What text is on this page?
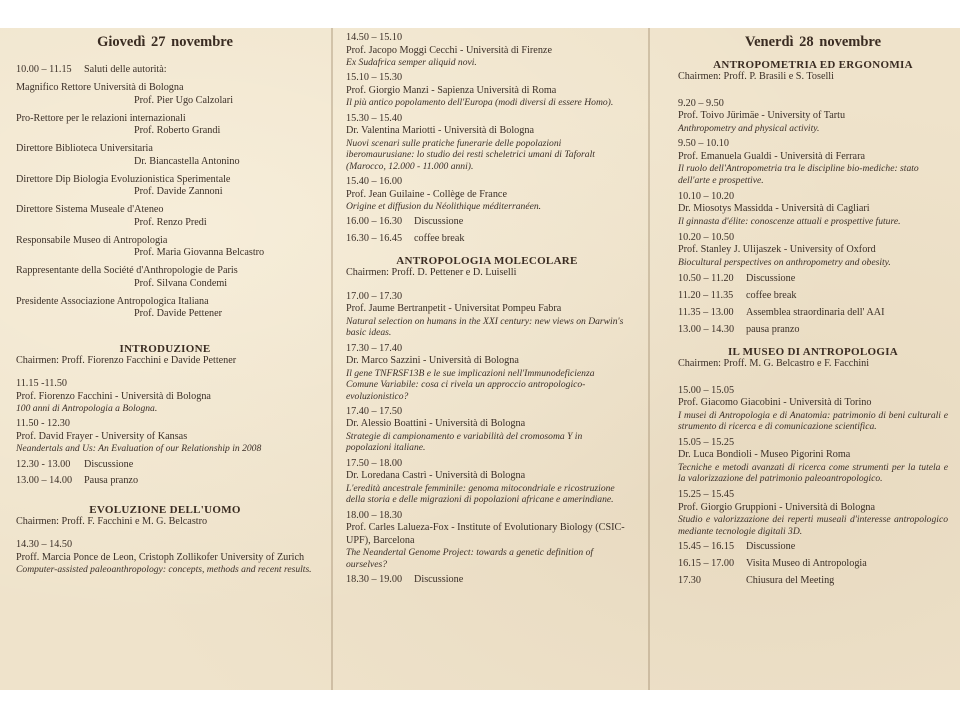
Giovedì 27 novembre
10.00 – 11.15	Saluti delle autorità:
Magnifico Rettore Università di Bologna
Prof. Pier Ugo Calzolari
Pro-Rettore per le relazioni internazionali
Prof. Roberto Grandi
Direttore Biblioteca Universitaria
Dr. Biancastella Antonino
Direttore Dip Biologia Evoluzionistica Sperimentale
Prof. Davide Zannoni
Direttore Sistema Museale d'Ateneo
Prof. Renzo Predi
Responsabile Museo di Antropologia
Prof. Maria Giovanna Belcastro
Rappresentante della Société d'Anthropologie de Paris
Prof. Silvana Condemi
Presidente Associazione Antropologica Italiana
Prof. Davide Pettener
INTRODUZIONE
Chairmen: Proff. Fiorenzo Facchini e Davide Pettener
11.15 -11.50
Prof. Fiorenzo Facchini - Università di Bologna
100 anni di Antropologia a Bologna.
11.50 - 12.30
Prof. David Frayer - University of Kansas
Neandertals and Us: An Evaluation of our Relationship in 2008
12.30 - 13.00	Discussione
13.00 – 14.00	Pausa pranzo
EVOLUZIONE DELL'UOMO
Chairmen: Proff. F. Facchini e M. G. Belcastro
14.30 – 14.50
Proff. Marcia Ponce de Leon, Cristoph Zollikofer University of Zurich
Computer-assisted paleoanthropology: concepts, methods and recent results.
14.50 – 15.10
Prof. Jacopo Moggi Cecchi - Università di Firenze
Ex Sudafrica semper aliquid novi.
15.10 – 15.30
Prof. Giorgio Manzi - Sapienza Università di Roma
Il più antico popolamento dell'Europa (modi diversi di essere Homo).
15.30 – 15.40
Dr. Valentina Mariotti - Università di Bologna
Nuovi scenari sulle pratiche funerarie delle popolazioni iberomaurusiane: lo studio dei resti scheletrici umani di Taforalt (Marocco, 12.000 - 11.000 anni).
15.40 – 16.00
Prof. Jean Guilaine - Collège de France
Origine et diffusion du Néolithique méditerranéen.
16.00 – 16.30	Discussione
16.30 – 16.45	coffee break
ANTROPOLOGIA MOLECOLARE
Chairmen: Proff. D. Pettener e D. Luiselli
17.00 – 17.30
Prof. Jaume Bertranpetit - Universitat Pompeu Fabra
Natural selection on humans in the XXI century: new views on Darwin's basic ideas.
17.30 – 17.40
Dr. Marco Sazzini - Università di Bologna
Il gene TNFRSF13B e le sue implicazioni nell'Immunodeficienza Comune Variabile: cosa ci rivela un approccio antropologico-evoluzionistico?
17.40 – 17.50
Dr. Alessio Boattini - Università di Bologna
Strategie di campionamento e variabilità del cromosoma Y in popolazioni italiane.
17.50 – 18.00
Dr. Loredana Castrì - Università di Bologna
L'eredità ancestrale femminile: genoma mitocondriale e ricostruzione della storia e delle migrazioni di popolazioni africane e amerindiane.
18.00 – 18.30
Prof. Carles Lalueza-Fox - Institute of Evolutionary Biology (CSIC-UPF), Barcelona
The Neandertal Genome Project: towards a genetic definition of ourselves?
18.30 – 19.00	Discussione
Venerdì 28 novembre
ANTROPOMETRIA ED ERGONOMIA
Chairmen: Proff. P. Brasili e S. Toselli
9.20 – 9.50
Prof. Toivo Jürimäe - University of Tartu
Anthropometry and physical activity.
9.50 – 10.10
Prof. Emanuela Gualdi - Università di Ferrara
Il ruolo dell'Antropometria tra le discipline bio-mediche: stato dell'arte e prospettive.
10.10 – 10.20
Dr. Miosotys Massidda - Università di Cagliari
Il ginnasta d'élite: conoscenze attuali e prospettive future.
10.20 – 10.50
Prof. Stanley J. Ulijaszek - University of Oxford
Biocultural perspectives on anthropometry and obesity.
10.50 – 11.20	Discussione
11.20 – 11.35	coffee break
11.35 – 13.00	Assemblea straordinaria dell' AAI
13.00 – 14.30	pausa pranzo
IL MUSEO DI ANTROPOLOGIA
Chairmen: Proff. M. G. Belcastro e F. Facchini
15.00 – 15.05
Prof. Giacomo Giacobini - Università di Torino
I musei di Antropologia e di Anatomia: patrimonio di beni culturali e strumento di ricerca e di comunicazione scientifica.
15.05 – 15.25
Dr. Luca Bondioli - Museo Pigorini Roma
Tecniche e metodi avanzati di ricerca come strumenti per la tutela e la valorizzazione del patrimonio paleoantropologico.
15.25 – 15.45
Prof. Giorgio Gruppioni - Università di Bologna
Studio e valorizzazione dei reperti museali d'interesse antropologico mediante tecnologie digitali 3D.
15.45 – 16.15	Discussione
16.15 – 17.00	Visita Museo di Antropologia
17.30	Chiusura del Meeting
